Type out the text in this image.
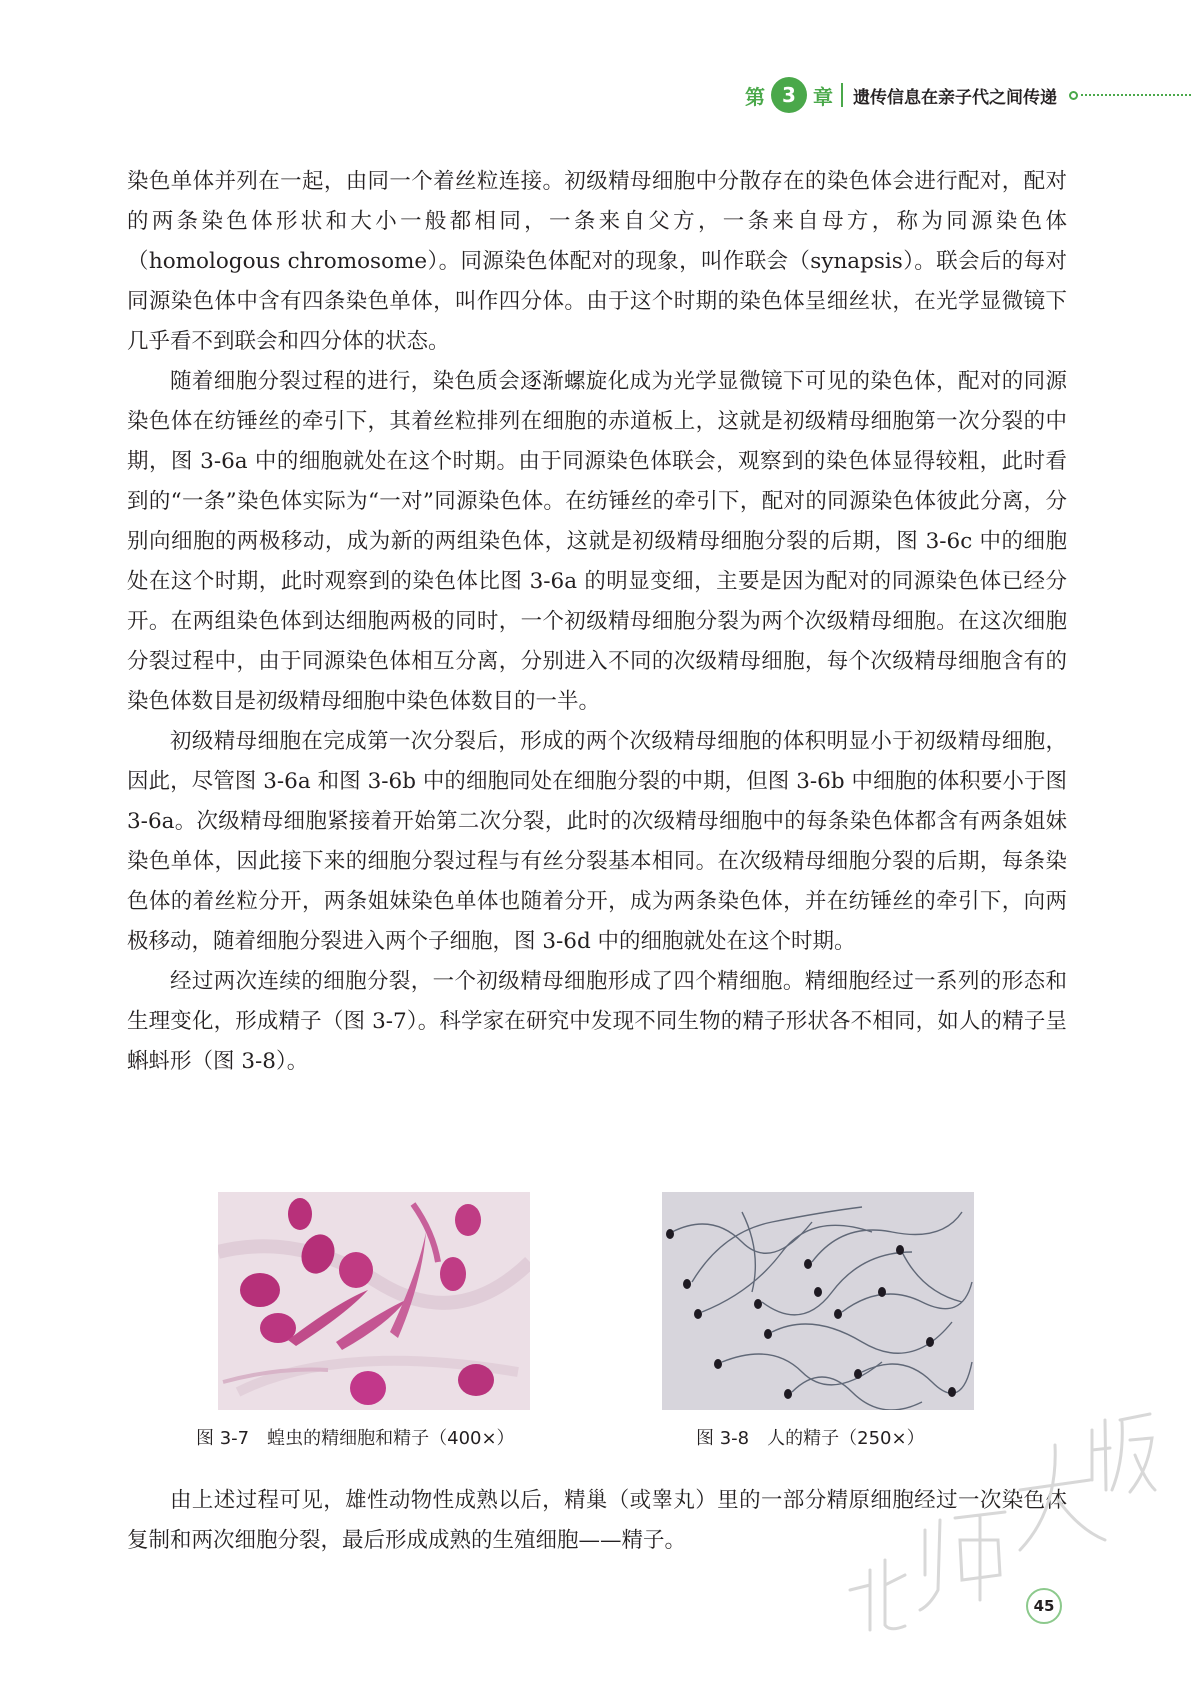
第 3 章 遗传信息在亲子代之间传递

染色单体并列在一起，由同一个着丝粒连接。初级精母细胞中分散存在的染色体会进行配对，配对的两条染色体形状和大小一般都相同，一条来自父方，一条来自母方，称为同源染色体（homologous chromosome）。同源染色体配对的现象，叫作联会（synapsis）。联会后的每对同源染色体中含有四条染色单体，叫作四分体。由于这个时期的染色体呈细丝状，在光学显微镜下几乎看不到联会和四分体的状态。

随着细胞分裂过程的进行，染色质会逐渐螺旋化成为光学显微镜下可见的染色体，配对的同源染色体在纺锤丝的牵引下，其着丝粒排列在细胞的赤道板上，这就是初级精母细胞第一次分裂的中期，图 3-6a 中的细胞就处在这个时期。由于同源染色体联会，观察到的染色体显得较粗，此时看到的“一条”染色体实际为“一对”同源染色体。在纺锤丝的牵引下，配对的同源染色体彼此分离，分别向细胞的两极移动，成为新的两组染色体，这就是初级精母细胞分裂的后期，图 3-6c 中的细胞处在这个时期，此时观察到的染色体比图 3-6a 的明显变细，主要是因为配对的同源染色体已经分开。在两组染色体到达细胞两极的同时，一个初级精母细胞分裂为两个次级精母细胞。在这次细胞分裂过程中，由于同源染色体相互分离，分别进入不同的次级精母细胞，每个次级精母细胞含有的染色体数目是初级精母细胞中染色体数目的一半。

初级精母细胞在完成第一次分裂后，形成的两个次级精母细胞的体积明显小于初级精母细胞，因此，尽管图 3-6a 和图 3-6b 中的细胞同处在细胞分裂的中期，但图 3-6b 中细胞的体积要小于图 3-6a。次级精母细胞紧接着开始第二次分裂，此时的次级精母细胞中的每条染色体都含有两条姐妹染色单体，因此接下来的细胞分裂过程与有丝分裂基本相同。在次级精母细胞分裂的后期，每条染色体的着丝粒分开，两条姐妹染色单体也随着分开，成为两条染色体，并在纺锤丝的牵引下，向两极移动，随着细胞分裂进入两个子细胞，图 3-6d 中的细胞就处在这个时期。

经过两次连续的细胞分裂，一个初级精母细胞形成了四个精细胞。精细胞经过一系列的形态和生理变化，形成精子（图 3-7）。科学家在研究中发现不同生物的精子形状各不相同，如人的精子呈蝌蚪形（图 3-8）。

图 3-7 蝗虫的精细胞和精子（400×）	图 3-8 人的精子（250×）

由上述过程可见，雄性动物性成熟以后，精巢（或睾丸）里的一部分精原细胞经过一次染色体复制和两次细胞分裂，最后形成成熟的生殖细胞——精子。

45
